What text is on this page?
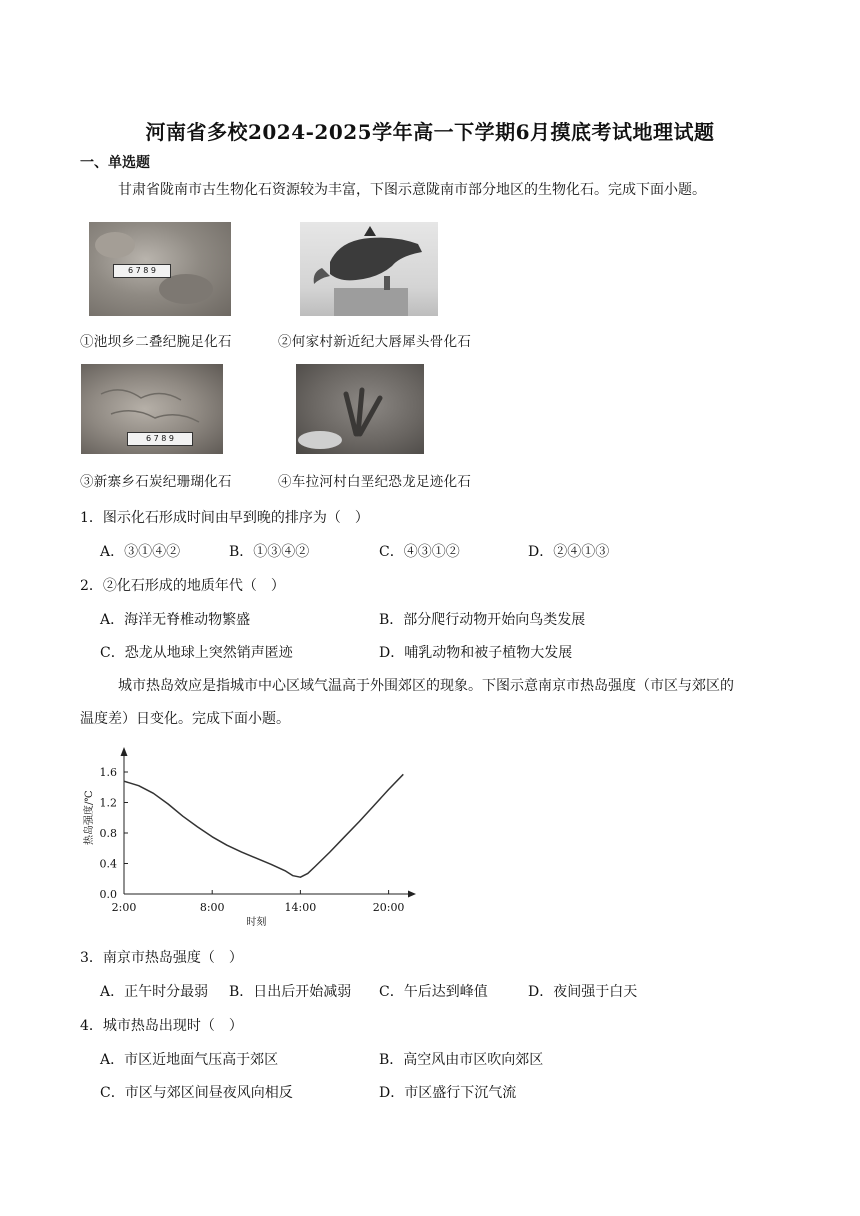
河南省多校2024-2025学年高一下学期6月摸底考试地理试题
一、单选题
甘肃省陇南市古生物化石资源较为丰富，下图示意陇南市部分地区的生物化石。完成下面小题。
6 7 8 9
①池坝乡二叠纪腕足化石	②何家村新近纪大唇犀头骨化石
6 7 8 9
③新寨乡石炭纪珊瑚化石	④车拉河村白垩纪恐龙足迹化石
1．图示化石形成时间由早到晚的排序为（　）
A．③①④②	B．①③④②	C．④③①②	D．②④①③
2．②化石形成的地质年代（　）
A．海洋无脊椎动物繁盛	B．部分爬行动物开始向鸟类发展
C．恐龙从地球上突然销声匿迹	D．哺乳动物和被子植物大发展
城市热岛效应是指城市中心区域气温高于外围郊区的现象。下图示意南京市热岛强度（市区与郊区的
温度差）日变化。完成下面小题。
0.0
0.4
0.8
1.2
1.6
2:00	8:00	14:00	20:00
时刻
热岛强度/℃
3．南京市热岛强度（　）
A．正午时分最弱 B．日出后开始减弱 C．午后达到峰值	D．夜间强于白天
4．城市热岛出现时（　）
A．市区近地面气压高于郊区	B．高空风由市区吹向郊区
C．市区与郊区间昼夜风向相反	D．市区盛行下沉气流
